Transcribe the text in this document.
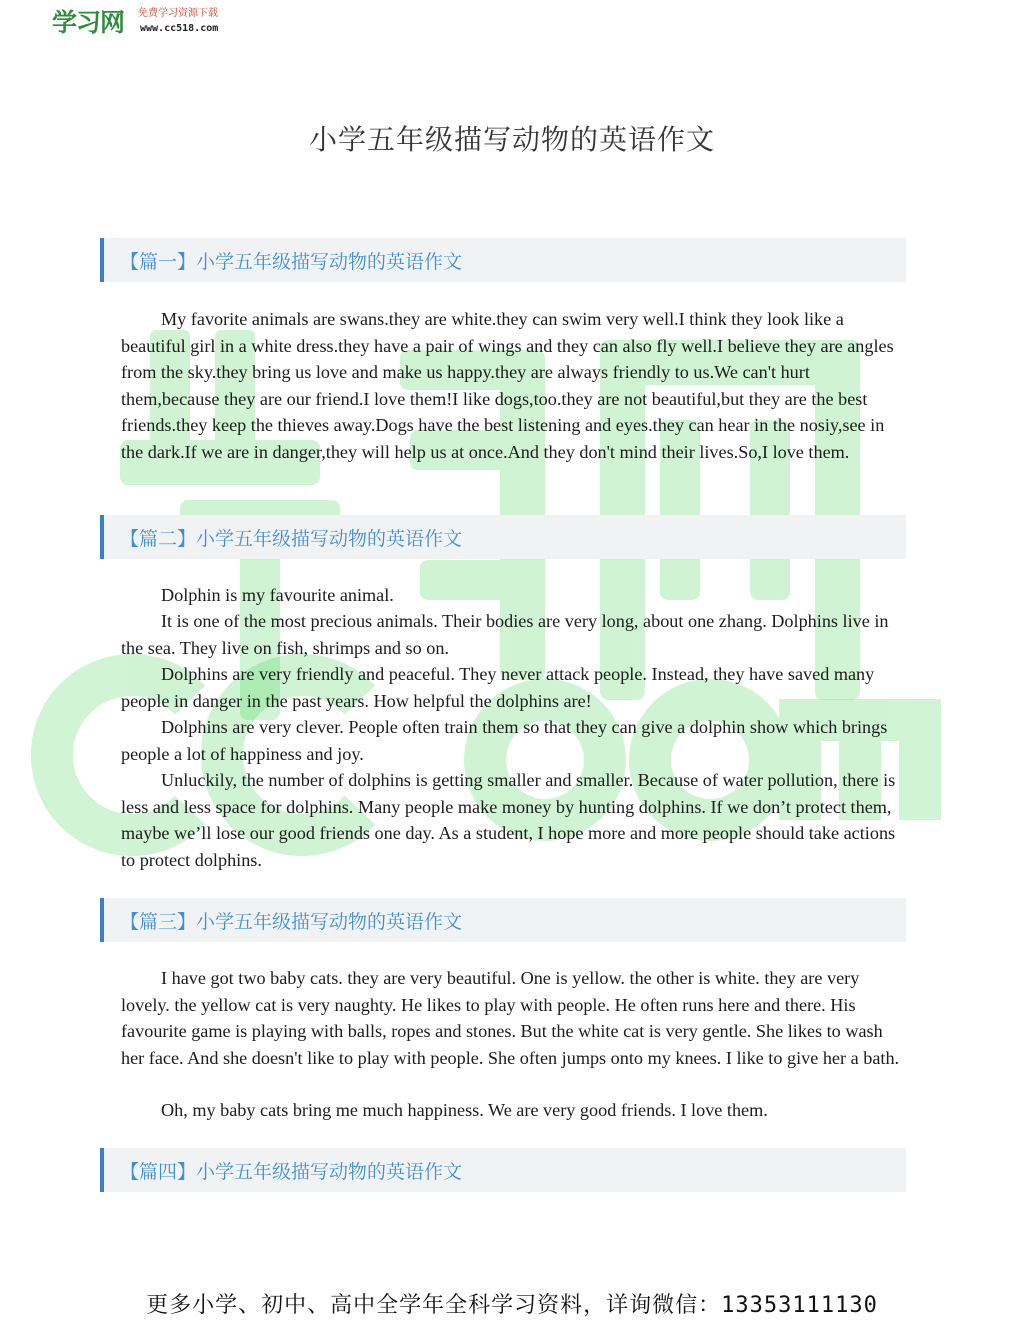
学习网 免费学习资源下载
www.cc518.com
小学五年级描写动物的英语作文
【篇一】小学五年级描写动物的英语作文

My favorite animals are swans.they are white.they can swim very well.I think they look like a beautiful girl in a white dress.they have a pair of wings and they can also fly well.I believe they are angles from the sky.they bring us love and make us happy.they are always friendly to us.We can't hurt them,because they are our friend.I love them!I like dogs,too.they are not beautiful,but they are the best friends.they keep the thieves away.Dogs have the best listening and eyes.they can hear in the nosiy,see in the dark.If we are in danger,they will help us at once.And they don't mind their lives.So,I love them.

【篇二】小学五年级描写动物的英语作文

Dolphin is my favourite animal.

It is one of the most precious animals. Their bodies are very long, about one zhang. Dolphins live in the sea. They live on fish, shrimps and so on.

Dolphins are very friendly and peaceful. They never attack people. Instead, they have saved many people in danger in the past years. How helpful the dolphins are!

Dolphins are very clever. People often train them so that they can give a dolphin show which brings people a lot of happiness and joy.

Unluckily, the number of dolphins is getting smaller and smaller. Because of water pollution, there is less and less space for dolphins. Many people make money by hunting dolphins. If we don’t protect them, maybe we’ll lose our good friends one day. As a student, I hope more and more people should take actions to protect dolphins.

【篇三】小学五年级描写动物的英语作文

I have got two baby cats. they are very beautiful. One is yellow. the other is white. they are very lovely. the yellow cat is very naughty. He likes to play with people. He often runs here and there. His favourite game is playing with balls, ropes and stones. But the white cat is very gentle. She likes to wash her face. And she doesn't like to play with people. She often jumps onto my knees. I like to give her a bath.

Oh, my baby cats bring me much happiness. We are very good friends. I love them.

【篇四】小学五年级描写动物的英语作文
更多小学、初中、高中全学年全科学习资料，详询微信：13353111130
